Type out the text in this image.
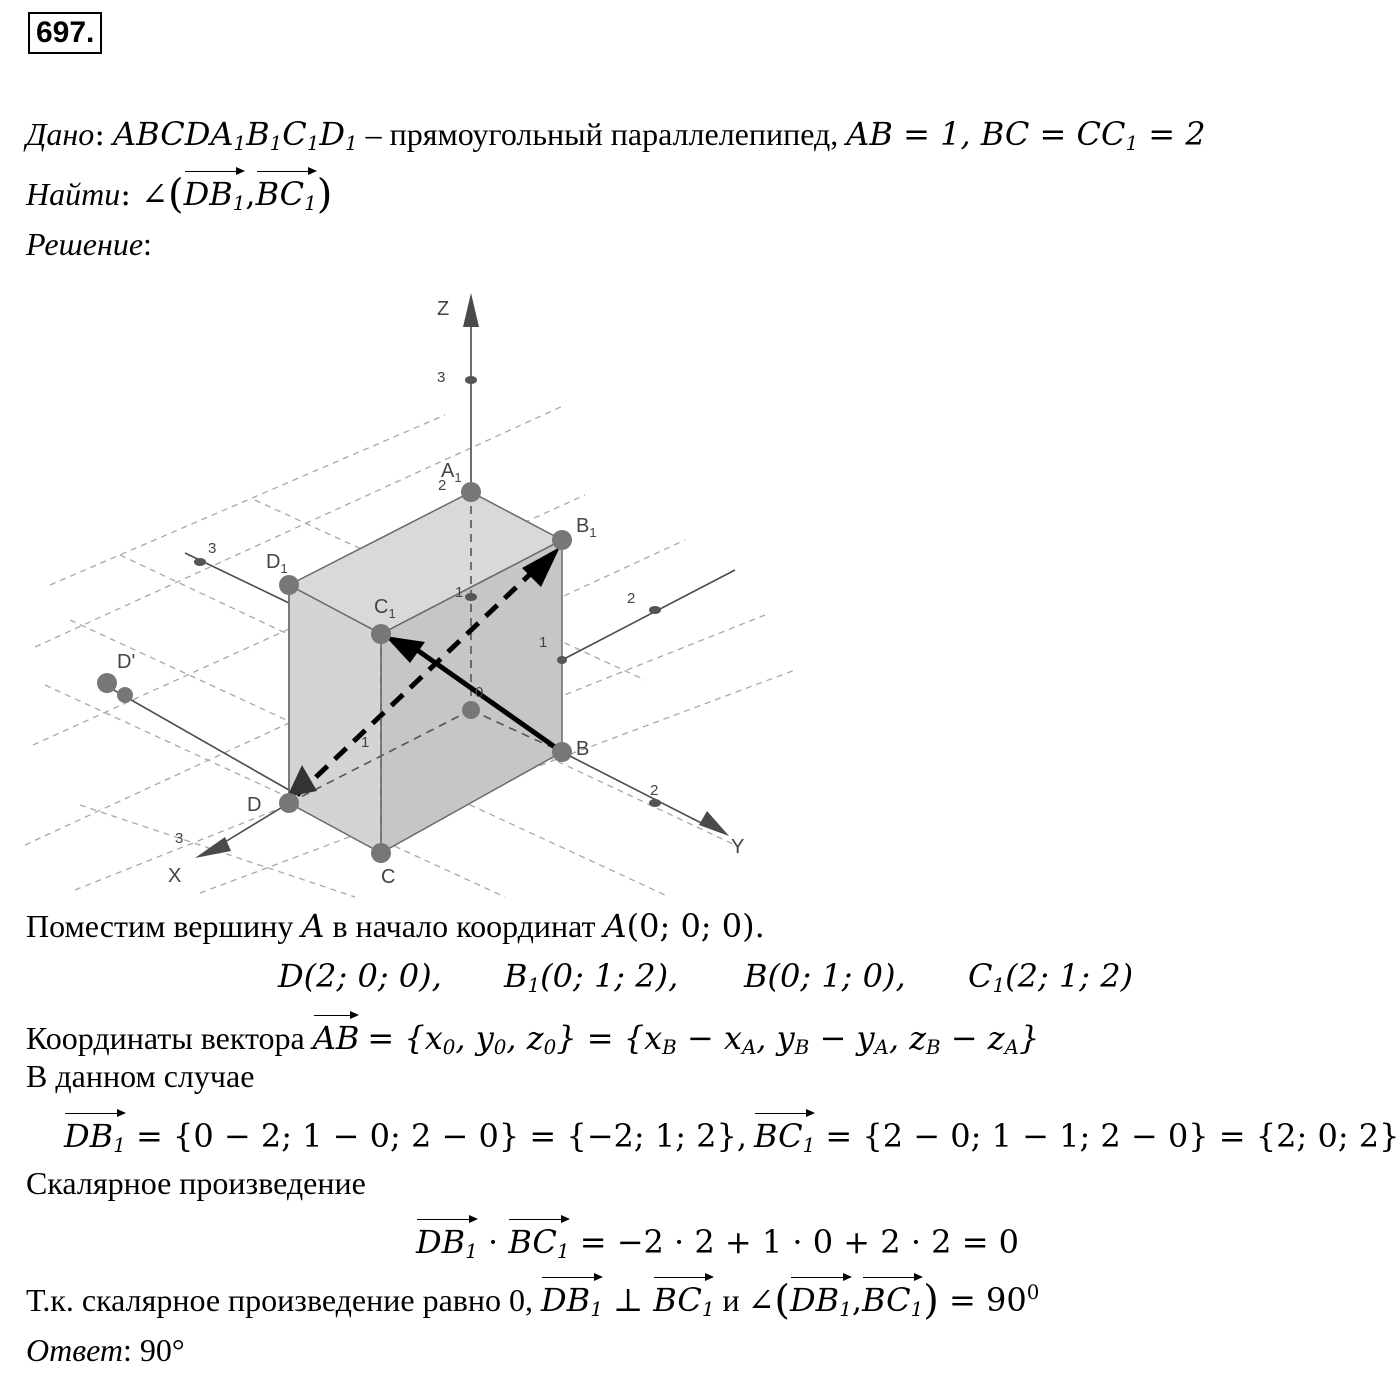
697.
Дано: $ABCDA_1B_1C_1D_1$ – прямоугольный параллелепипед, AB = 1, BC = $CC_1 = 2$
Найти: $\angle(DB_1,BC_1)$
Решение:
Z
Y
X
3
2
1
3
3
2
2
1
0
1
$A_1$
$B_1$
$D_1$
$C_1$
B
D
C
D'
Поместим вершину A в начало координат A(0; 0; 0).
D(2; 0; 0), $B_1(0$; 1; 2), B(0; 1; 0), $C_1(2$; 1; 2)
Координаты вектора AB = {$x_0$, $y_0$, $z_0\} = \{x_B - x_A$, $y_B - y_A$, $z_B - z_A$}
В данном случае
$DB_1 = \{0 - 2$; 1 − 0; 2 − 0} = {−2; 1; 2}, $BC_1 = \{2 - 0$; 1 − 1; 2 − 0} = {2; 0; 2}
Скалярное произведение
$DB_1 \cdot BC_1 = -2 \cdot 2 + 1 \cdot 0 + 2 \cdot 2 = 0$
Т.к. скалярное произведение равно 0, $DB_1$ ⊥ $BC_1$ и $\angle(DB_1,BC_1) = 90^0$
Ответ: 90°
